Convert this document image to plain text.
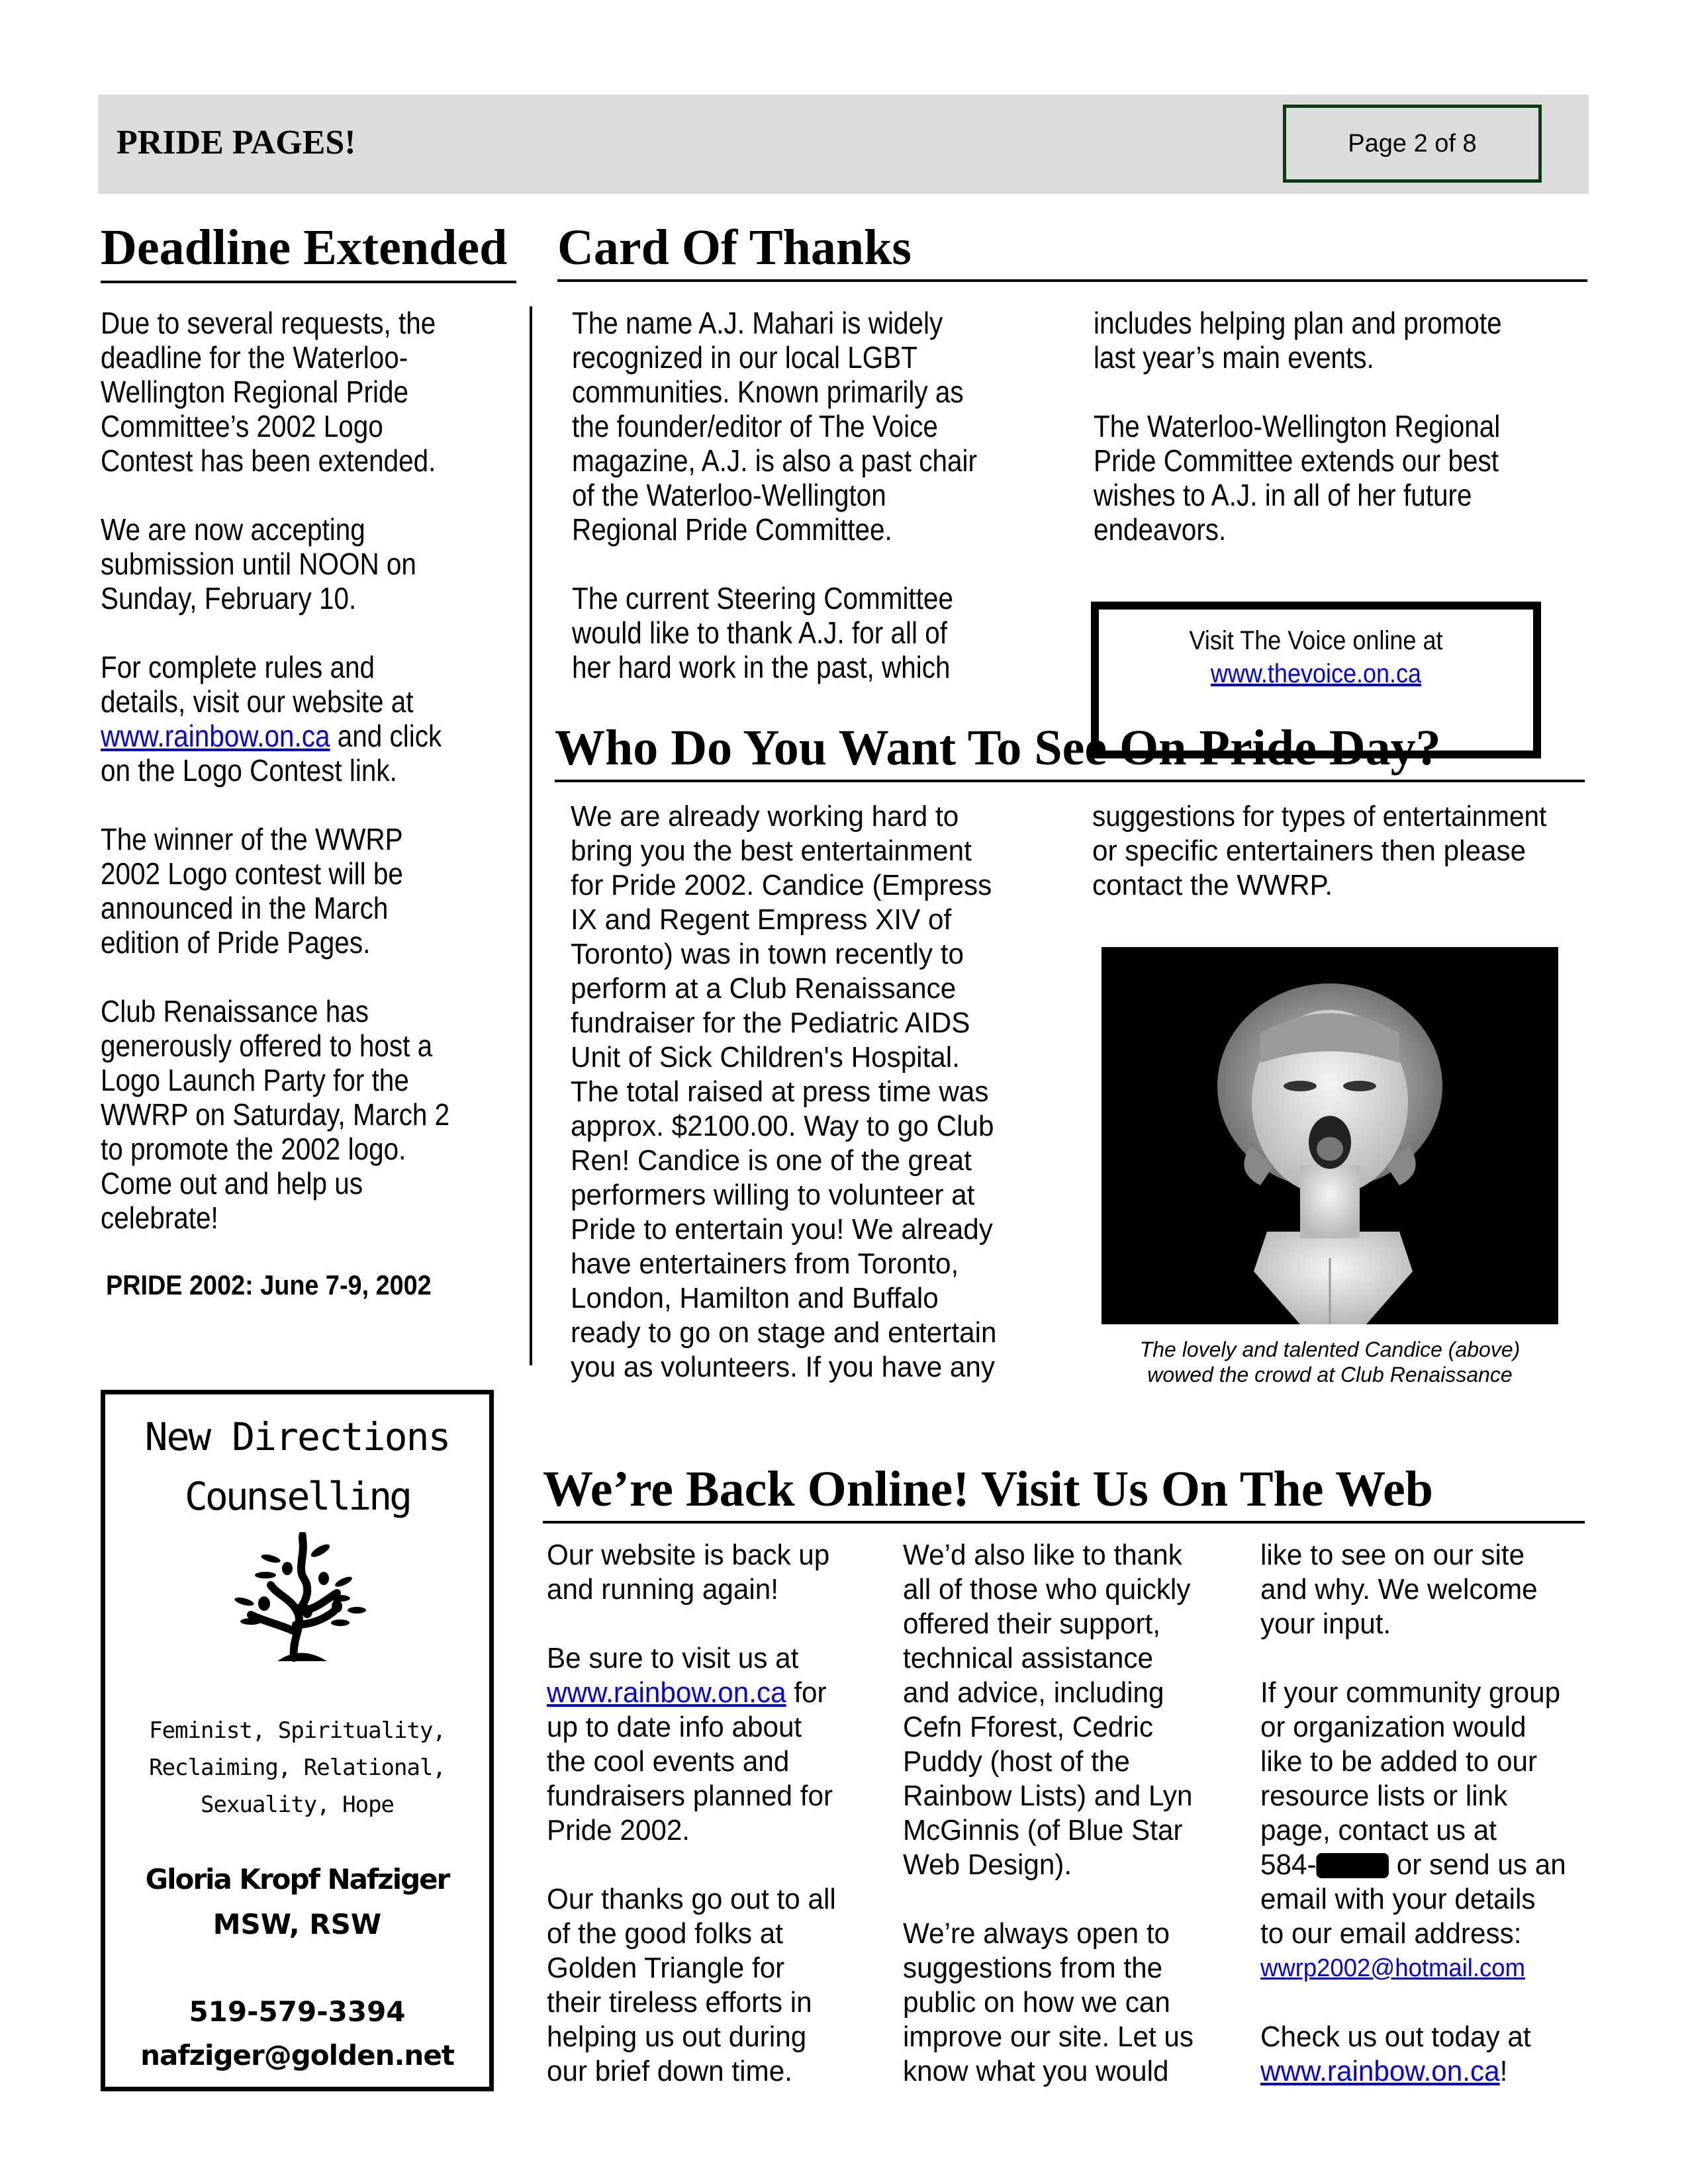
PRIDE PAGES!	Page 2 of 8
Deadline Extended
Due to several requests, the
deadline for the Waterloo-
Wellington Regional Pride
Committee’s 2002 Logo
Contest has been extended.
We are now accepting
submission until NOON on
Sunday, February 10.
For complete rules and
details, visit our website at
www.rainbow.on.ca and click
on the Logo Contest link.
The winner of the WWRP
2002 Logo contest will be
announced in the March
edition of Pride Pages.
Club Renaissance has
generously offered to host a
Logo Launch Party for the
WWRP on Saturday, March 2
to promote the 2002 logo.
Come out and help us
celebrate!
PRIDE 2002: June 7-9, 2002
New Directions
Counselling
Feminist, Spirituality,
Reclaiming, Relational,
Sexuality, Hope
Gloria Kropf Nafziger
MSW, RSW
519-579-3394
nafziger@golden.net
Card Of Thanks
The name A.J. Mahari is widely
recognized in our local LGBT
communities. Known primarily as
the founder/editor of The Voice
magazine, A.J. is also a past chair
of the Waterloo-Wellington
Regional Pride Committee.
The current Steering Committee
would like to thank A.J. for all of
her hard work in the past, which
includes helping plan and promote
last year’s main events.
The Waterloo-Wellington Regional
Pride Committee extends our best
wishes to A.J. in all of her future
endeavors.
Visit The Voice online at
www.thevoice.on.ca
Who Do You Want To See On Pride Day?
We are already working hard to
bring you the best entertainment
for Pride 2002. Candice (Empress
IX and Regent Empress XIV of
Toronto) was in town recently to
perform at a Club Renaissance
fundraiser for the Pediatric AIDS
Unit of Sick Children's Hospital.
The total raised at press time was
approx. $2100.00. Way to go Club
Ren! Candice is one of the great
performers willing to volunteer at
Pride to entertain you! We already
have entertainers from Toronto,
London, Hamilton and Buffalo
ready to go on stage and entertain
you as volunteers. If you have any
suggestions for types of entertainment
or specific entertainers then please
contact the WWRP.
The lovely and talented Candice (above)
wowed the crowd at Club Renaissance
We’re Back Online! Visit Us On The Web
Our website is back up
and running again!
Be sure to visit us at
www.rainbow.on.ca for
up to date info about
the cool events and
fundraisers planned for
Pride 2002.
Our thanks go out to all
of the good folks at
Golden Triangle for
their tireless efforts in
helping us out during
our brief down time.
We’d also like to thank
all of those who quickly
offered their support,
technical assistance
and advice, including
Cefn Fforest, Cedric
Puddy (host of the
Rainbow Lists) and Lyn
McGinnis (of Blue Star
Web Design).
We’re always open to
suggestions from the
public on how we can
improve our site. Let us
know what you would
like to see on our site
and why. We welcome
your input.
If your community group
or organization would
like to be added to our
resource lists or link
page, contact us at
584- or send us an
email with your details
to our email address:
wwrp2002@hotmail.com
Check us out today at
www.rainbow.on.ca!
